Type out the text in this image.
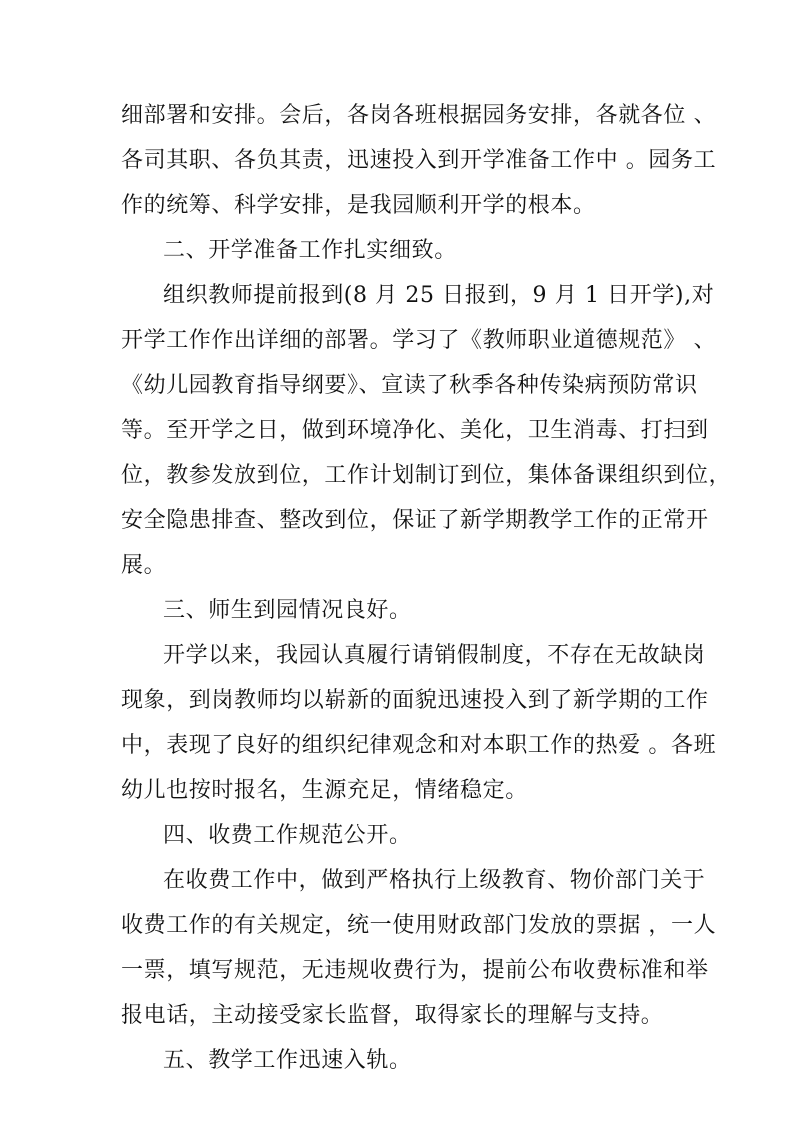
细部署和安排。会后，各岗各班根据园务安排，各就各位 、
各司其职、各负其责，迅速投入到开学准备工作中 。园务工
作的统筹、科学安排，是我园顺利开学的根本。
二、开学准备工作扎实细致。
组织教师提前报到(8 月 25 日报到，9 月 1 日开学),对
开学工作作出详细的部署。学习了《教师职业道德规范》 、
《幼儿园教育指导纲要》、宣读了秋季各种传染病预防常识
等。至开学之日，做到环境净化、美化，卫生消毒、打扫到
位，教参发放到位，工作计划制订到位，集体备课组织到位，
安全隐患排查、整改到位，保证了新学期教学工作的正常开
展。
三、师生到园情况良好。
开学以来，我园认真履行请销假制度，不存在无故缺岗
现象，到岗教师均以崭新的面貌迅速投入到了新学期的工作
中，表现了良好的组织纪律观念和对本职工作的热爱 。各班
幼儿也按时报名，生源充足，情绪稳定。
四、收费工作规范公开。
在收费工作中，做到严格执行上级教育、物价部门关于
收费工作的有关规定，统一使用财政部门发放的票据 ，一人
一票，填写规范，无违规收费行为，提前公布收费标准和举
报电话，主动接受家长监督，取得家长的理解与支持。
五、教学工作迅速入轨。
